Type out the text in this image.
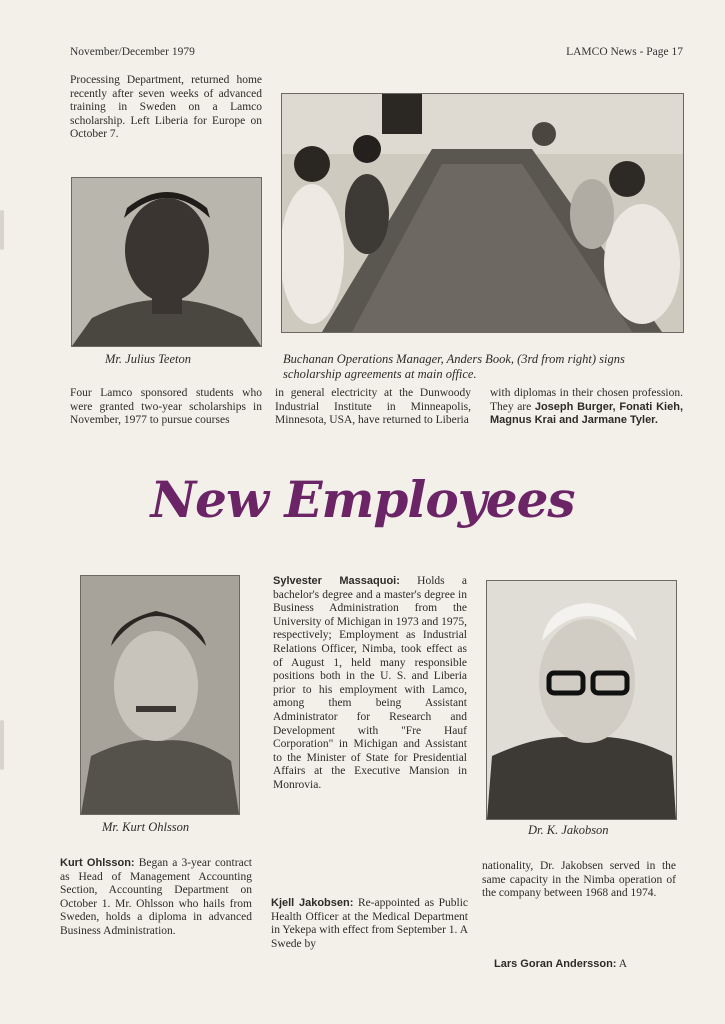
November/December 1979	LAMCO News - Page 17
Processing Department, returned home recently after seven weeks of advanced training in Sweden on a Lamco scholarship. Left Liberia for Europe on October 7.
Mr. Julius Teeton	Buchanan Operations Manager, Anders Book, (3rd from right) signs scholarship agreements at main office.
Four Lamco sponsored students who were granted two-year scholarships in November, 1977 to pursue courses
in general electricity at the Dunwoody Industrial Institute in Minneapolis, Minnesota, USA, have returned to Liberia
with diplomas in their chosen profession. They are Joseph Burger, Fonati Kieh, Magnus Krai and Jarmane Tyler.
New Employees
Mr. Kurt Ohlsson	Dr. K. Jakobson
Sylvester Massaquoi: Holds a bachelor's degree and a master's degree in Business Administration from the University of Michigan in 1973 and 1975, respectively; Employment as Industrial Relations Officer, Nimba, took effect as of August 1, held many responsible positions both in the U. S. and Liberia prior to his employment with Lamco, among them being Assistant Administrator for Research and Development with "Fre Hauf Corporation" in Michigan and Assistant to the Minister of State for Presidential Affairs at the Executive Mansion in Monrovia.
Kurt Ohlsson: Began a 3-year contract as Head of Management Accounting Section, Accounting Department on October 1. Mr. Ohlsson who hails from Sweden, holds a diploma in advanced Business Administration.
Kjell Jakobsen: Re-appointed as Public Health Officer at the Medical Department in Yekepa with effect from September 1. A Swede by
nationality, Dr. Jakobsen served in the same capacity in the Nimba operation of the company between 1968 and 1974.
Lars Goran Andersson: A
